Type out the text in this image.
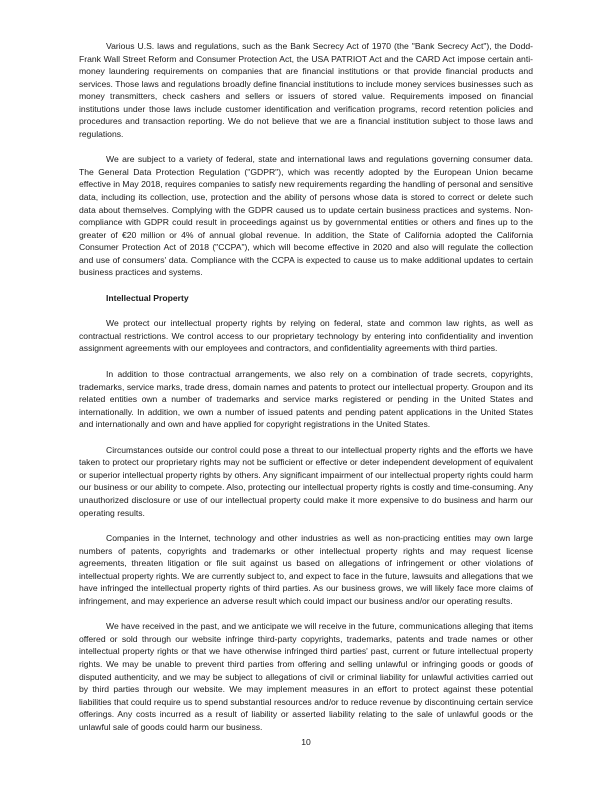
Various U.S. laws and regulations, such as the Bank Secrecy Act of 1970 (the "Bank Secrecy Act"), the Dodd-Frank Wall Street Reform and Consumer Protection Act, the USA PATRIOT Act and the CARD Act impose certain anti-money laundering requirements on companies that are financial institutions or that provide financial products and services. Those laws and regulations broadly define financial institutions to include money services businesses such as money transmitters, check cashers and sellers or issuers of stored value. Requirements imposed on financial institutions under those laws include customer identification and verification programs, record retention policies and procedures and transaction reporting. We do not believe that we are a financial institution subject to those laws and regulations.

We are subject to a variety of federal, state and international laws and regulations governing consumer data. The General Data Protection Regulation ("GDPR"), which was recently adopted by the European Union became effective in May 2018, requires companies to satisfy new requirements regarding the handling of personal and sensitive data, including its collection, use, protection and the ability of persons whose data is stored to correct or delete such data about themselves. Complying with the GDPR caused us to update certain business practices and systems. Non-compliance with GDPR could result in proceedings against us by governmental entities or others and fines up to the greater of €20 million or 4% of annual global revenue. In addition, the State of California adopted the California Consumer Protection Act of 2018 ("CCPA"), which will become effective in 2020 and also will regulate the collection and use of consumers' data. Compliance with the CCPA is expected to cause us to make additional updates to certain business practices and systems.

Intellectual Property

We protect our intellectual property rights by relying on federal, state and common law rights, as well as contractual restrictions. We control access to our proprietary technology by entering into confidentiality and invention assignment agreements with our employees and contractors, and confidentiality agreements with third parties.

In addition to those contractual arrangements, we also rely on a combination of trade secrets, copyrights, trademarks, service marks, trade dress, domain names and patents to protect our intellectual property. Groupon and its related entities own a number of trademarks and service marks registered or pending in the United States and internationally. In addition, we own a number of issued patents and pending patent applications in the United States and internationally and own and have applied for copyright registrations in the United States.

Circumstances outside our control could pose a threat to our intellectual property rights and the efforts we have taken to protect our proprietary rights may not be sufficient or effective or deter independent development of equivalent or superior intellectual property rights by others. Any significant impairment of our intellectual property rights could harm our business or our ability to compete. Also, protecting our intellectual property rights is costly and time-consuming. Any unauthorized disclosure or use of our intellectual property could make it more expensive to do business and harm our operating results.

Companies in the Internet, technology and other industries as well as non-practicing entities may own large numbers of patents, copyrights and trademarks or other intellectual property rights and may request license agreements, threaten litigation or file suit against us based on allegations of infringement or other violations of intellectual property rights. We are currently subject to, and expect to face in the future, lawsuits and allegations that we have infringed the intellectual property rights of third parties. As our business grows, we will likely face more claims of infringement, and may experience an adverse result which could impact our business and/or our operating results.

We have received in the past, and we anticipate we will receive in the future, communications alleging that items offered or sold through our website infringe third-party copyrights, trademarks, patents and trade names or other intellectual property rights or that we have otherwise infringed third parties' past, current or future intellectual property rights. We may be unable to prevent third parties from offering and selling unlawful or infringing goods or goods of disputed authenticity, and we may be subject to allegations of civil or criminal liability for unlawful activities carried out by third parties through our website. We may implement measures in an effort to protect against these potential liabilities that could require us to spend substantial resources and/or to reduce revenue by discontinuing certain service offerings. Any costs incurred as a result of liability or asserted liability relating to the sale of unlawful goods or the unlawful sale of goods could harm our business.

10
